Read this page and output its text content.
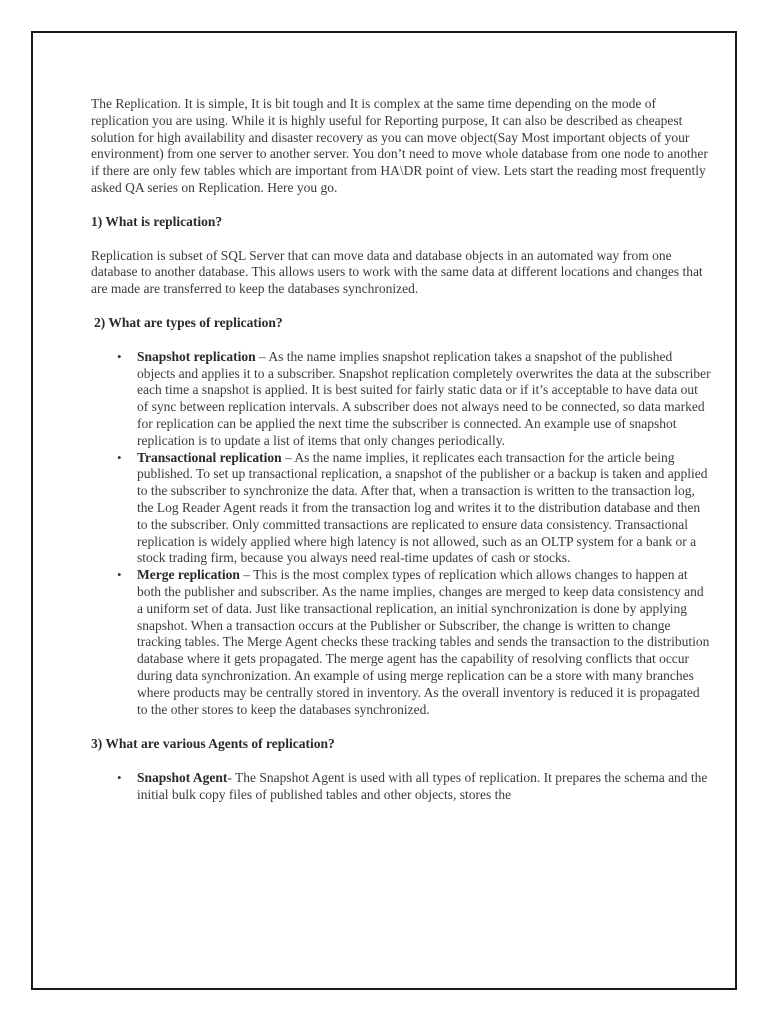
The Replication. It is simple, It is bit tough and It is complex at the same time depending on the mode of replication you are using. While it is highly useful for Reporting purpose, It can also be described as cheapest solution for high availability and disaster recovery as you can move object(Say Most important objects of your environment) from one server to another server. You don’t need to move whole database from one node to another if there are only few tables which are important from HA\DR point of view. Lets start the reading most frequently asked QA series on Replication. Here you go.

1) What is replication?

Replication is subset of SQL Server that can move data and database objects in an automated way from one database to another database. This allows users to work with the same data at different locations and changes that are made are transferred to keep the databases synchronized.

2) What are types of replication?

• Snapshot replication – As the name implies snapshot replication takes a snapshot of the published objects and applies it to a subscriber. Snapshot replication completely overwrites the data at the subscriber each time a snapshot is applied. It is best suited for fairly static data or if it’s acceptable to have data out of sync between replication intervals. A subscriber does not always need to be connected, so data marked for replication can be applied the next time the subscriber is connected. An example use of snapshot replication is to update a list of items that only changes periodically.
• Transactional replication – As the name implies, it replicates each transaction for the article being published. To set up transactional replication, a snapshot of the publisher or a backup is taken and applied to the subscriber to synchronize the data. After that, when a transaction is written to the transaction log, the Log Reader Agent reads it from the transaction log and writes it to the distribution database and then to the subscriber. Only committed transactions are replicated to ensure data consistency. Transactional replication is widely applied where high latency is not allowed, such as an OLTP system for a bank or a stock trading firm, because you always need real-time updates of cash or stocks.
• Merge replication – This is the most complex types of replication which allows changes to happen at both the publisher and subscriber. As the name implies, changes are merged to keep data consistency and a uniform set of data. Just like transactional replication, an initial synchronization is done by applying snapshot. When a transaction occurs at the Publisher or Subscriber, the change is written to change tracking tables. The Merge Agent checks these tracking tables and sends the transaction to the distribution database where it gets propagated. The merge agent has the capability of resolving conflicts that occur during data synchronization. An example of using merge replication can be a store with many branches where products may be centrally stored in inventory. As the overall inventory is reduced it is propagated to the other stores to keep the databases synchronized.

3) What are various Agents of replication?

• Snapshot Agent- The Snapshot Agent is used with all types of replication. It prepares the schema and the initial bulk copy files of published tables and other objects, stores the
